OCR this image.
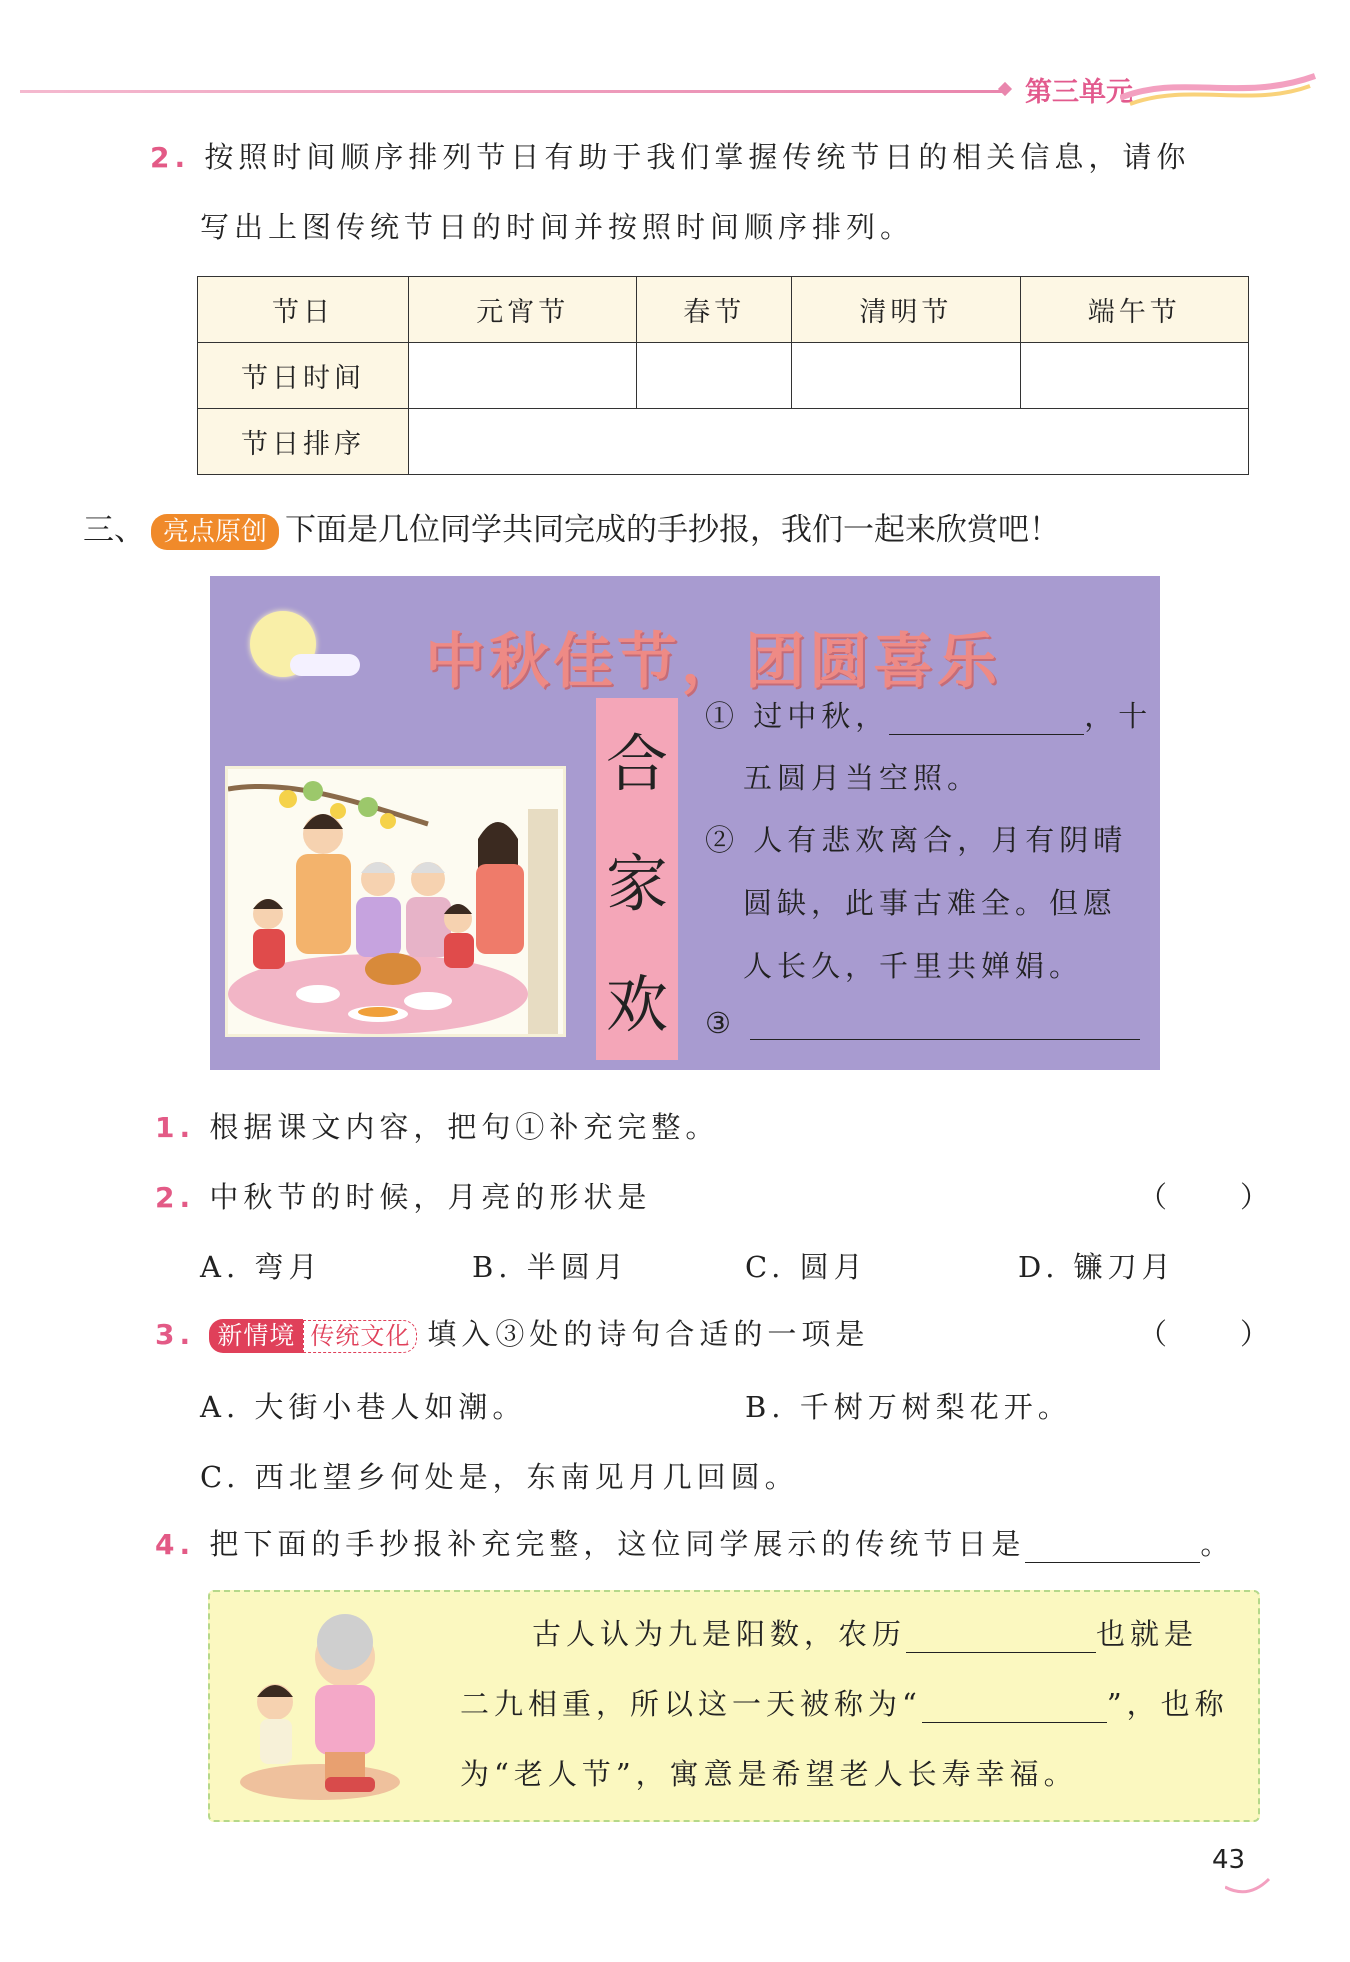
第三单元
2. 按照时间顺序排列节日有助于我们掌握传统节日的相关信息，请你
写出上图传统节日的时间并按照时间顺序排列。
节日	元宵节	春节	清明节	端午节
节日时间				
节日排序				
三、 亮点原创 下面是几位同学共同完成的手抄报，我们一起来欣赏吧！
中秋佳节，团圆喜乐
合
家
欢
① 过中秋，	，十
五圆月当空照。
② 人有悲欢离合，月有阴晴
圆缺，此事古难全。但愿
人长久，千里共婵娟。
③
1. 根据课文内容，把句①补充完整。
2. 中秋节的时候，月亮的形状是	（　　）
A. 弯月	B. 半圆月	C. 圆月	D. 镰刀月
3. 新情境 传统文化 填入③处的诗句合适的一项是	（　　）
A. 大街小巷人如潮。	B. 千树万树梨花开。
C. 西北望乡何处是，东南见月几回圆。
4. 把下面的手抄报补充完整，这位同学展示的传统节日是	。
古人认为九是阳数，农历	也就是
二九相重，所以这一天被称为“	”，也称
为“老人节”，寓意是希望老人长寿幸福。
43
